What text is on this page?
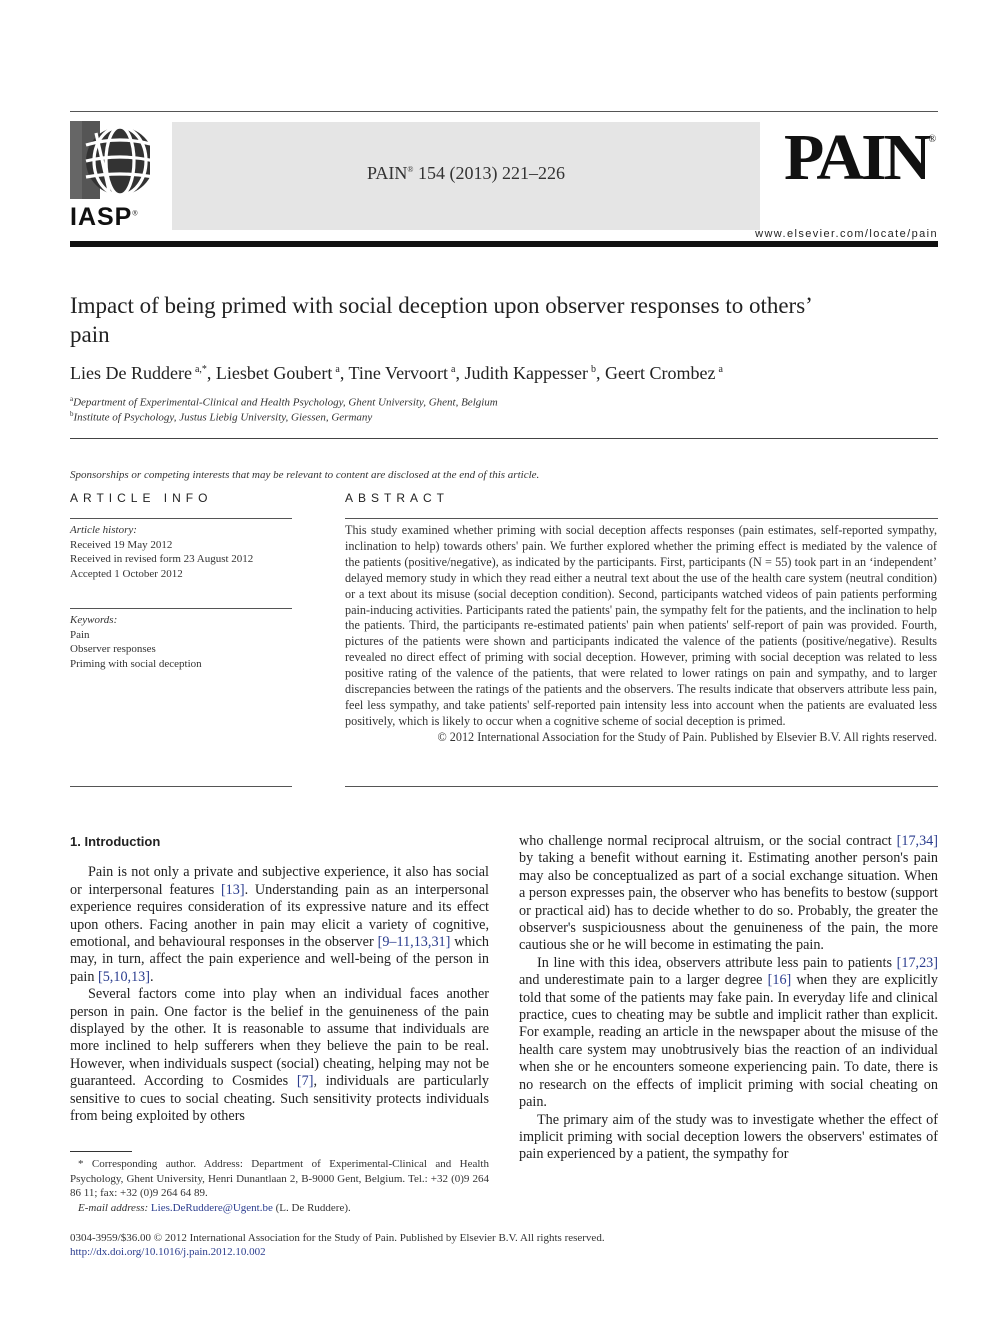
IASP®
PAIN® 154 (2013) 221–226	PAIN®
www.elsevier.com/locate/pain
Impact of being primed with social deception upon observer responses to others’ pain
Lies De Ruddere $^{a,*}$, Liesbet Goubert $^a$, Tine Vervoort $^a$, Judith Kappesser $^b$, Geert Crombez $^a$
$^a$Department of Experimental-Clinical and Health Psychology, Ghent University, Ghent, Belgium
$^b$Institute of Psychology, Justus Liebig University, Giessen, Germany
Sponsorships or competing interests that may be relevant to content are disclosed at the end of this article.
ARTICLE INFO
Article history:
Received 19 May 2012
Received in revised form 23 August 2012
Accepted 1 October 2012
Keywords:
Pain
Observer responses
Priming with social deception
ABSTRACT
This study examined whether priming with social deception affects responses (pain estimates, self-reported sympathy, inclination to help) towards others' pain. We further explored whether the priming effect is mediated by the valence of the patients (positive/negative), as indicated by the participants. First, participants (N = 55) took part in an ‘independent’ delayed memory study in which they read either a neutral text about the use of the health care system (neutral condition) or a text about its misuse (social deception condition). Second, participants watched videos of pain patients performing pain-inducing activities. Participants rated the patients' pain, the sympathy felt for the patients, and the inclination to help the patients. Third, the participants re-estimated patients' pain when patients' self-report of pain was provided. Fourth, pictures of the patients were shown and participants indicated the valence of the patients (positive/negative). Results revealed no direct effect of priming with social deception. However, priming with social deception was related to less positive rating of the valence of the patients, that were related to lower ratings on pain and sympathy, and to larger discrepancies between the ratings of the patients and the observers. The results indicate that observers attribute less pain, feel less sympathy, and take patients' self-reported pain intensity less into account when the patients are evaluated less positively, which is likely to occur when a cognitive scheme of social deception is primed.
© 2012 International Association for the Study of Pain. Published by Elsevier B.V. All rights reserved.
1. Introduction

Pain is not only a private and subjective experience, it also has social or interpersonal features [13]. Understanding pain as an interpersonal experience requires consideration of its expressive nature and its effect upon others. Facing another in pain may elicit a variety of cognitive, emotional, and behavioural responses in the observer [9–11,13,31] which may, in turn, affect the pain experience and well-being of the person in pain [5,10,13].

Several factors come into play when an individual faces another person in pain. One factor is the belief in the genuineness of the pain displayed by the other. It is reasonable to assume that individuals are more inclined to help sufferers when they believe the pain to be real. However, when individuals suspect (social) cheating, helping may not be guaranteed. According to Cosmides [7], individuals are particularly sensitive to cues to social cheating. Such sensitivity protects individuals from being exploited by others

who challenge normal reciprocal altruism, or the social contract [17,34] by taking a benefit without earning it. Estimating another person's pain may also be conceptualized as part of a social exchange situation. When a person expresses pain, the observer who has benefits to bestow (support or practical aid) has to decide whether to do so. Probably, the greater the observer's suspiciousness about the genuineness of the pain, the more cautious she or he will become in estimating the pain.

In line with this idea, observers attribute less pain to patients [17,23] and underestimate pain to a larger degree [16] when they are explicitly told that some of the patients may fake pain. In everyday life and clinical practice, cues to cheating may be subtle and implicit rather than explicit. For example, reading an article in the newspaper about the misuse of the health care system may unobtrusively bias the reaction of an individual when she or he encounters someone experiencing pain. To date, there is no research on the effects of implicit priming with social cheating on pain.

The primary aim of the study was to investigate whether the effect of implicit priming with social deception lowers the observers' estimates of pain experienced by a patient, the sympathy for

* Corresponding author. Address: Department of Experimental-Clinical and Health Psychology, Ghent University, Henri Dunantlaan 2, B-9000 Gent, Belgium. Tel.: +32 (0)9 264 86 11; fax: +32 (0)9 264 64 89.
E-mail address: Lies.DeRuddere@Ugent.be (L. De Ruddere).
0304-3959/$36.00 © 2012 International Association for the Study of Pain. Published by Elsevier B.V. All rights reserved.
http://dx.doi.org/10.1016/j.pain.2012.10.002
